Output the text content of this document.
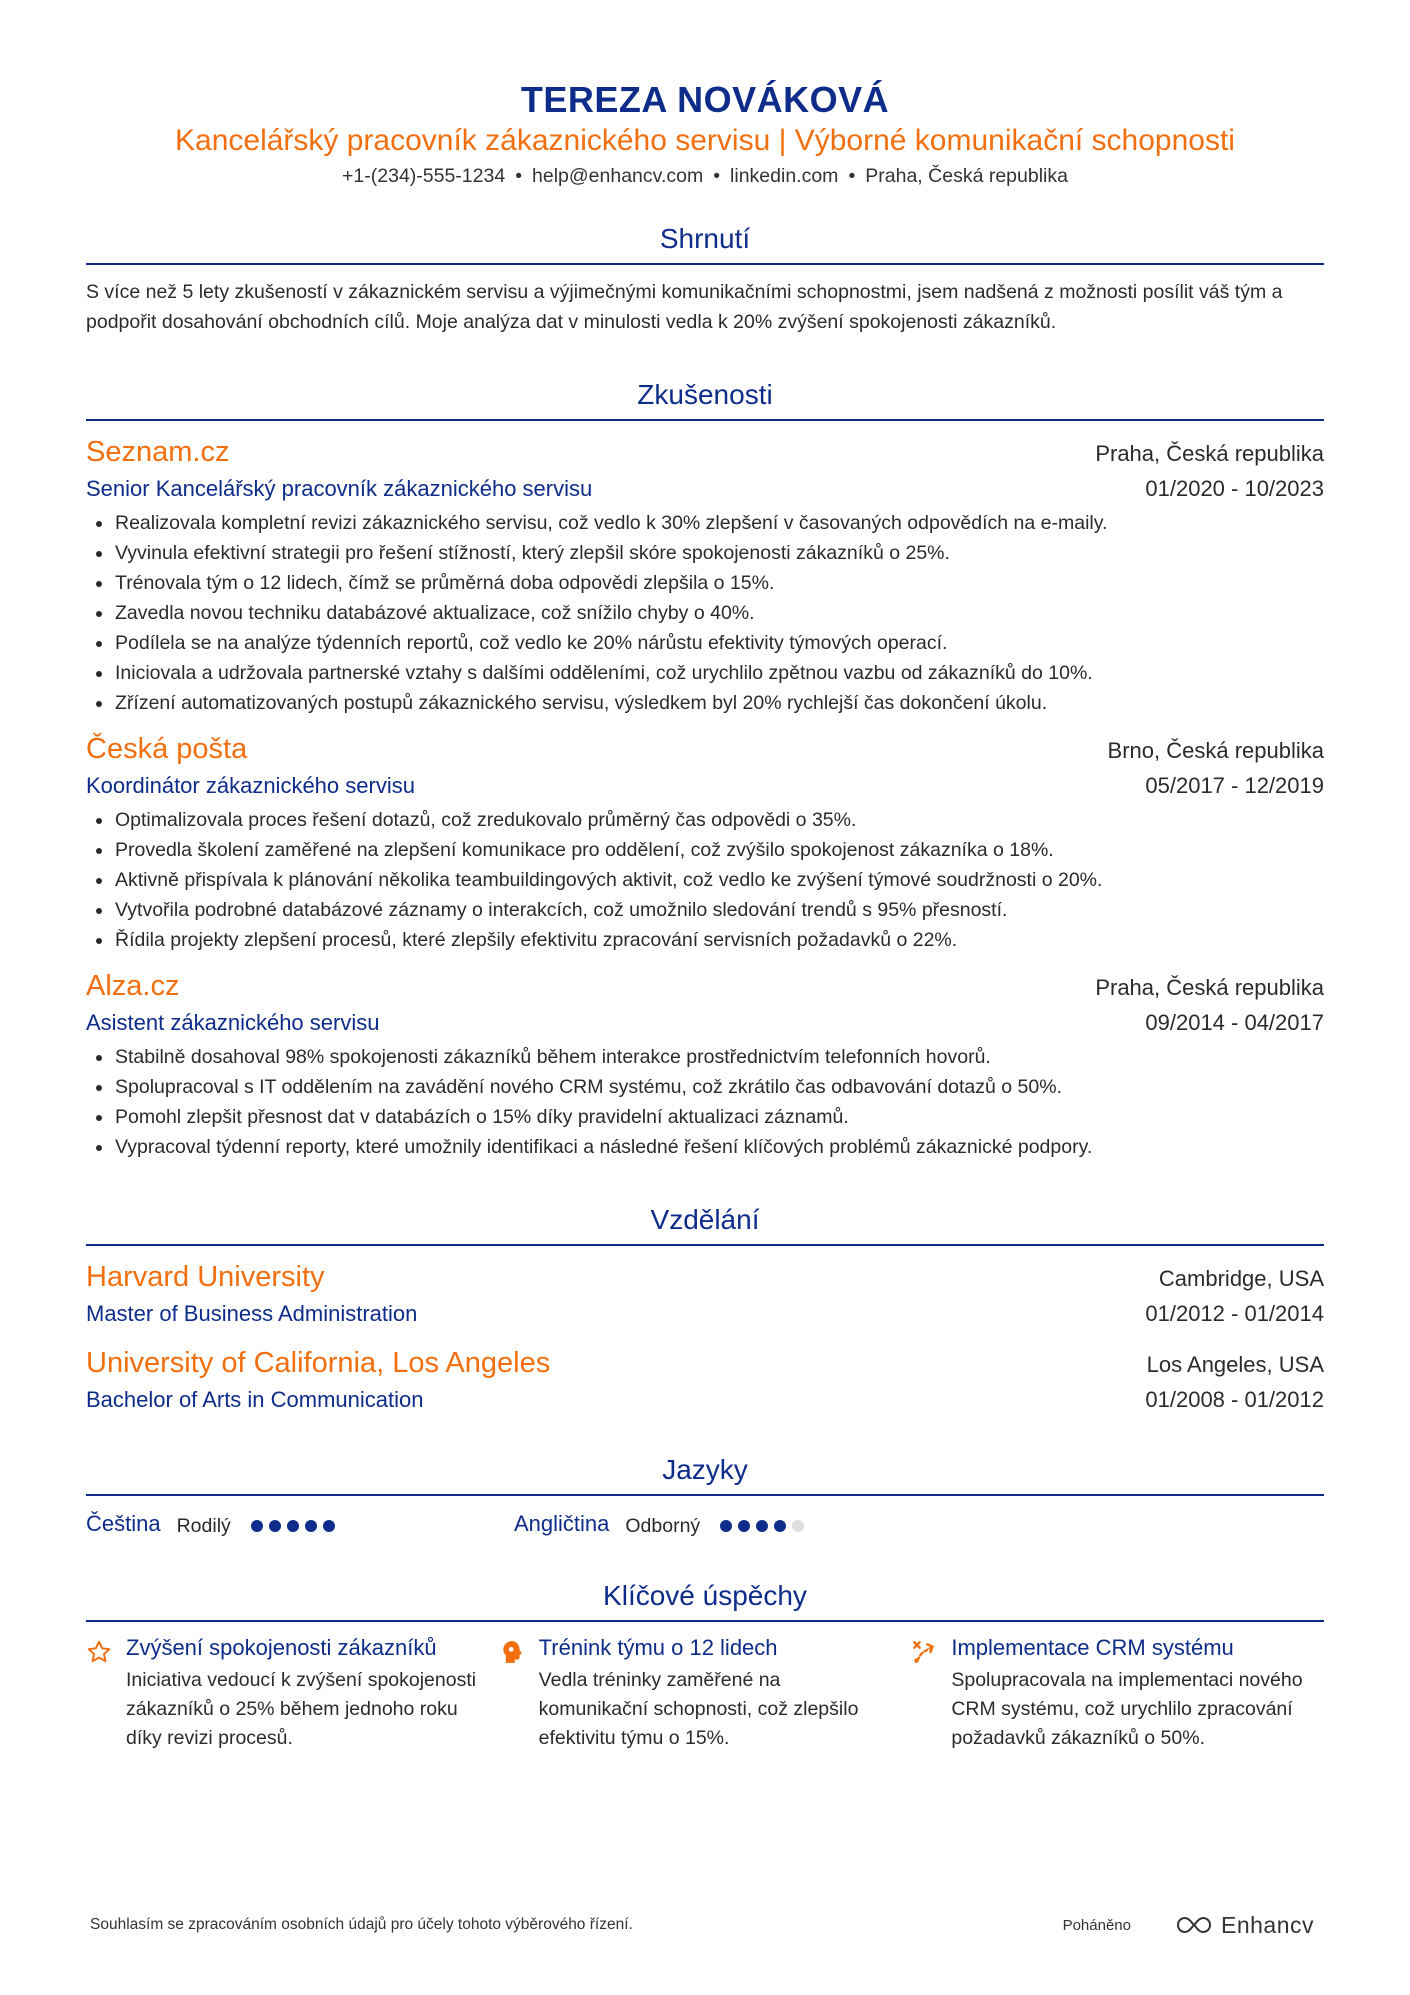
TEREZA NOVÁKOVÁ
Kancelářský pracovník zákaznického servisu | Výborné komunikační schopnosti
+1-(234)-555-1234 • help@enhancv.com • linkedin.com • Praha, Česká republika
Shrnutí
S více než 5 lety zkušeností v zákaznickém servisu a výjimečnými komunikačními schopnostmi, jsem nadšená z možnosti posílit váš tým a podpořit dosahování obchodních cílů. Moje analýza dat v minulosti vedla k 20% zvýšení spokojenosti zákazníků.
Zkušenosti
Seznam.cz	Praha, Česká republika
Senior Kancelářský pracovník zákaznického servisu	01/2020 - 10/2023
Realizovala kompletní revizi zákaznického servisu, což vedlo k 30% zlepšení v časovaných odpovědích na e-maily.
Vyvinula efektivní strategii pro řešení stížností, který zlepšil skóre spokojenosti zákazníků o 25%.
Trénovala tým o 12 lidech, čímž se průměrná doba odpovědi zlepšila o 15%.
Zavedla novou techniku databázové aktualizace, což snížilo chyby o 40%.
Podílela se na analýze týdenních reportů, což vedlo ke 20% nárůstu efektivity týmových operací.
Iniciovala a udržovala partnerské vztahy s dalšími odděleními, což urychlilo zpětnou vazbu od zákazníků do 10%.
Zřízení automatizovaných postupů zákaznického servisu, výsledkem byl 20% rychlejší čas dokončení úkolu.
Česká pošta	Brno, Česká republika
Koordinátor zákaznického servisu	05/2017 - 12/2019
Optimalizovala proces řešení dotazů, což zredukovalo průměrný čas odpovědi o 35%.
Provedla školení zaměřené na zlepšení komunikace pro oddělení, což zvýšilo spokojenost zákazníka o 18%.
Aktivně přispívala k plánování několika teambuildingových aktivit, což vedlo ke zvýšení týmové soudržnosti o 20%.
Vytvořila podrobné databázové záznamy o interakcích, což umožnilo sledování trendů s 95% přesností.
Řídila projekty zlepšení procesů, které zlepšily efektivitu zpracování servisních požadavků o 22%.
Alza.cz	Praha, Česká republika
Asistent zákaznického servisu	09/2014 - 04/2017
Stabilně dosahoval 98% spokojenosti zákazníků během interakce prostřednictvím telefonních hovorů.
Spolupracoval s IT oddělením na zavádění nového CRM systému, což zkrátilo čas odbavování dotazů o 50%.
Pomohl zlepšit přesnost dat v databázích o 15% díky pravidelní aktualizaci záznamů.
Vypracoval týdenní reporty, které umožnily identifikaci a následné řešení klíčových problémů zákaznické podpory.
Vzdělání
Harvard University	Cambridge, USA
Master of Business Administration	01/2012 - 01/2014
University of California, Los Angeles	Los Angeles, USA
Bachelor of Arts in Communication	01/2008 - 01/2012
Jazyky
Čeština Rodilý	Angličtina Odborný
Klíčové úspěchy
Zvýšení spokojenosti zákazníků
Iniciativa vedoucí k zvýšení spokojenosti zákazníků o 25% během jednoho roku díky revizi procesů.
Trénink týmu o 12 lidech
Vedla tréninky zaměřené na komunikační schopnosti, což zlepšilo efektivitu týmu o 15%.
Implementace CRM systému
Spolupracovala na implementaci nového CRM systému, což urychlilo zpracování požadavků zákazníků o 50%.
Souhlasím se zpracováním osobních údajů pro účely tohoto výběrového řízení.	Poháněno	Enhancv
